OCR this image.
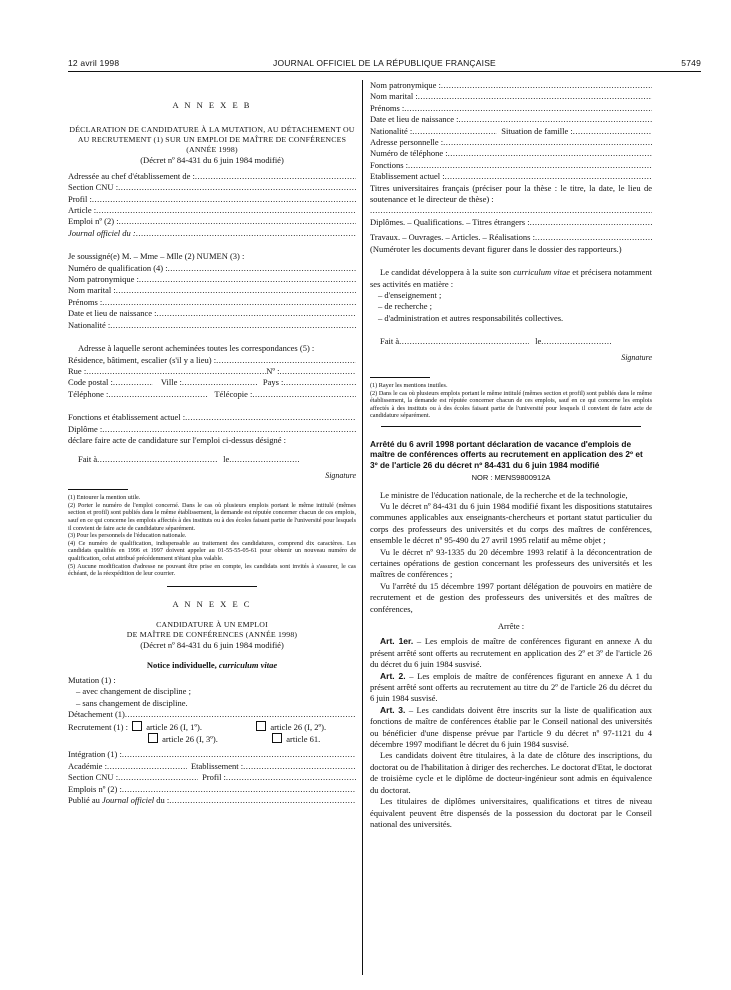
12 avril 1998	JOURNAL OFFICIEL DE LA RÉPUBLIQUE FRANÇAISE	5749
A N N E X E B
DÉCLARATION DE CANDIDATURE À LA MUTATION, AU DÉTACHEMENT OU AU RECRUTEMENT (1) SUR UN EMPLOI DE MAÎTRE DE CONFÉRENCES (ANNÉE 1998)
(Décret nº 84-431 du 6 juin 1984 modifié)
Adressée au chef d'établissement de :
.....
Section CNU :
.....
Profil :
.....
Article :
.....
Emploi nº (2) :
.....
Journal officiel du :
.....
Je soussigné(e) M. – Mme – Mlle (2) NUMEN (3) :
Numéro de qualification (4) :
.....
Nom patronymique :
.....
Nom marital :
.....
Prénoms :
.....
Date et lieu de naissance :
.....
Nationalité :
.....
Adresse à laquelle seront acheminées toutes les correspondances (5) :
Résidence, bâtiment, escalier (s'il y a lieu) :
.....
Rue : .....	Nº :
.....
Code postal : .....	Ville : .....	Pays :
.....
Téléphone : .....	Télécopie :
.....
Fonctions et établissement actuel :
.....
Diplôme :
.....
déclare faire acte de candidature sur l'emploi ci-dessus désigné :
Fait à .....	le
.....
Signature
(1) Entourer la mention utile.
(2) Porter le numéro de l'emploi concerné. Dans le cas où plusieurs emplois portant le même intitulé (mêmes section et profil) sont publiés dans le même établissement, la demande est réputée concerner chacun de ces emplois, sauf en ce qui concerne les emplois affectés à des instituts ou à des écoles faisant partie de l'université pour lesquels il convient de faire acte de candidature séparément.
(3) Pour les personnels de l'éducation nationale.
(4) Ce numéro de qualification, indispensable au traitement des candidatures, comprend dix caractères. Les candidats qualifiés en 1996 et 1997 doivent appeler au 01-55-55-05-61 pour obtenir un nouveau numéro de qualification, celui attribué précédemment n'étant plus valable.
(5) Aucune modification d'adresse ne pouvant être prise en compte, les candidats sont invités à s'assurer, le cas échéant, de la réexpédition de leur courrier.
A N N E X E C
CANDIDATURE À UN EMPLOI
DE MAÎTRE DE CONFÉRENCES (ANNÉE 1998)
(Décret nº 84-431 du 6 juin 1984 modifié)
Notice individuelle, curriculum vitae
Mutation (1) :
– avec changement de discipline ;
– sans changement de discipline.
Détachement (1)
.....
Recrutement (1) : article 26 (I, 1º).	article 26 (I, 2º).
article 26 (I, 3º).	article 61.
Intégration (1) :
.....
Académie : .....	Etablissement :
.....
Section CNU : .....	Profil :
.....
Emplois nº (2) :
.....
Publié au Journal officiel du :
.....
Nom patronymique :
.....
Nom marital :
.....
Prénoms :
.....
Date et lieu de naissance :
.....
Nationalité : .....	Situation de famille :
.....
Adresse personnelle :
.....
Numéro de téléphone :
.....
Fonctions :
.....
Etablissement actuel :
.....
Titres universitaires français (préciser pour la thèse : le titre, la date, le lieu de soutenance et le directeur de thèse) :
.....
Diplômes. – Qualifications. – Titres étrangers :
.....
Travaux. – Ouvrages. – Articles. – Réalisations :
.....
(Numéroter les documents devant figurer dans le dossier des rapporteurs.)
Le candidat développera à la suite son curriculum vitae et précisera notamment ses activités en matière :
– d'enseignement ;
– de recherche ;
– d'administration et autres responsabilités collectives.
Fait à .....	le
.....
Signature
(1) Rayer les mentions inutiles.
(2) Dans le cas où plusieurs emplois portant le même intitulé (mêmes section et profil) sont publiés dans le même établissement, la demande est réputée concerner chacun de ces emplois, sauf en ce qui concerne les emplois affectés à des instituts ou à des écoles faisant partie de l'université pour lesquels il convient de faire acte de candidature séparément.
Arrêté du 6 avril 1998 portant déclaration de vacance d'emplois de maître de conférences offerts au recrutement en application des 2º et 3º de l'article 26 du décret nº 84-431 du 6 juin 1984 modifié
NOR : MENS9800912A
Le ministre de l'éducation nationale, de la recherche et de la technologie,
Vu le décret nº 84-431 du 6 juin 1984 modifié fixant les dispositions statutaires communes applicables aux enseignants-chercheurs et portant statut particulier du corps des professeurs des universités et du corps des maîtres de conférences, ensemble le décret nº 95-490 du 27 avril 1995 relatif au même objet ;
Vu le décret nº 93-1335 du 20 décembre 1993 relatif à la déconcentration de certaines opérations de gestion concernant les professeurs des universités et les maîtres de conférences ;
Vu l'arrêté du 15 décembre 1997 portant délégation de pouvoirs en matière de recrutement et de gestion des professeurs des universités et des maîtres de conférences,
Arrête :
Art. 1er. – Les emplois de maître de conférences figurant en annexe A du présent arrêté sont offerts au recrutement en application des 2º et 3º de l'article 26 du décret du 6 juin 1984 susvisé.
Art. 2. – Les emplois de maître de conférences figurant en annexe A 1 du présent arrêté sont offerts au recrutement au titre du 2º de l'article 26 du décret du 6 juin 1984 susvisé.
Art. 3. – Les candidats doivent être inscrits sur la liste de qualification aux fonctions de maître de conférences établie par le Conseil national des universités ou bénéficier d'une dispense prévue par l'article 9 du décret nº 97-1121 du 4 décembre 1997 modifiant le décret du 6 juin 1984 susvisé.
Les candidats doivent être titulaires, à la date de clôture des inscriptions, du doctorat ou de l'habilitation à diriger des recherches. Le doctorat d'Etat, le doctorat de troisième cycle et le diplôme de docteur-ingénieur sont admis en équivalence du doctorat.
Les titulaires de diplômes universitaires, qualifications et titres de niveau équivalent peuvent être dispensés de la possession du doctorat par le Conseil national des universités.
